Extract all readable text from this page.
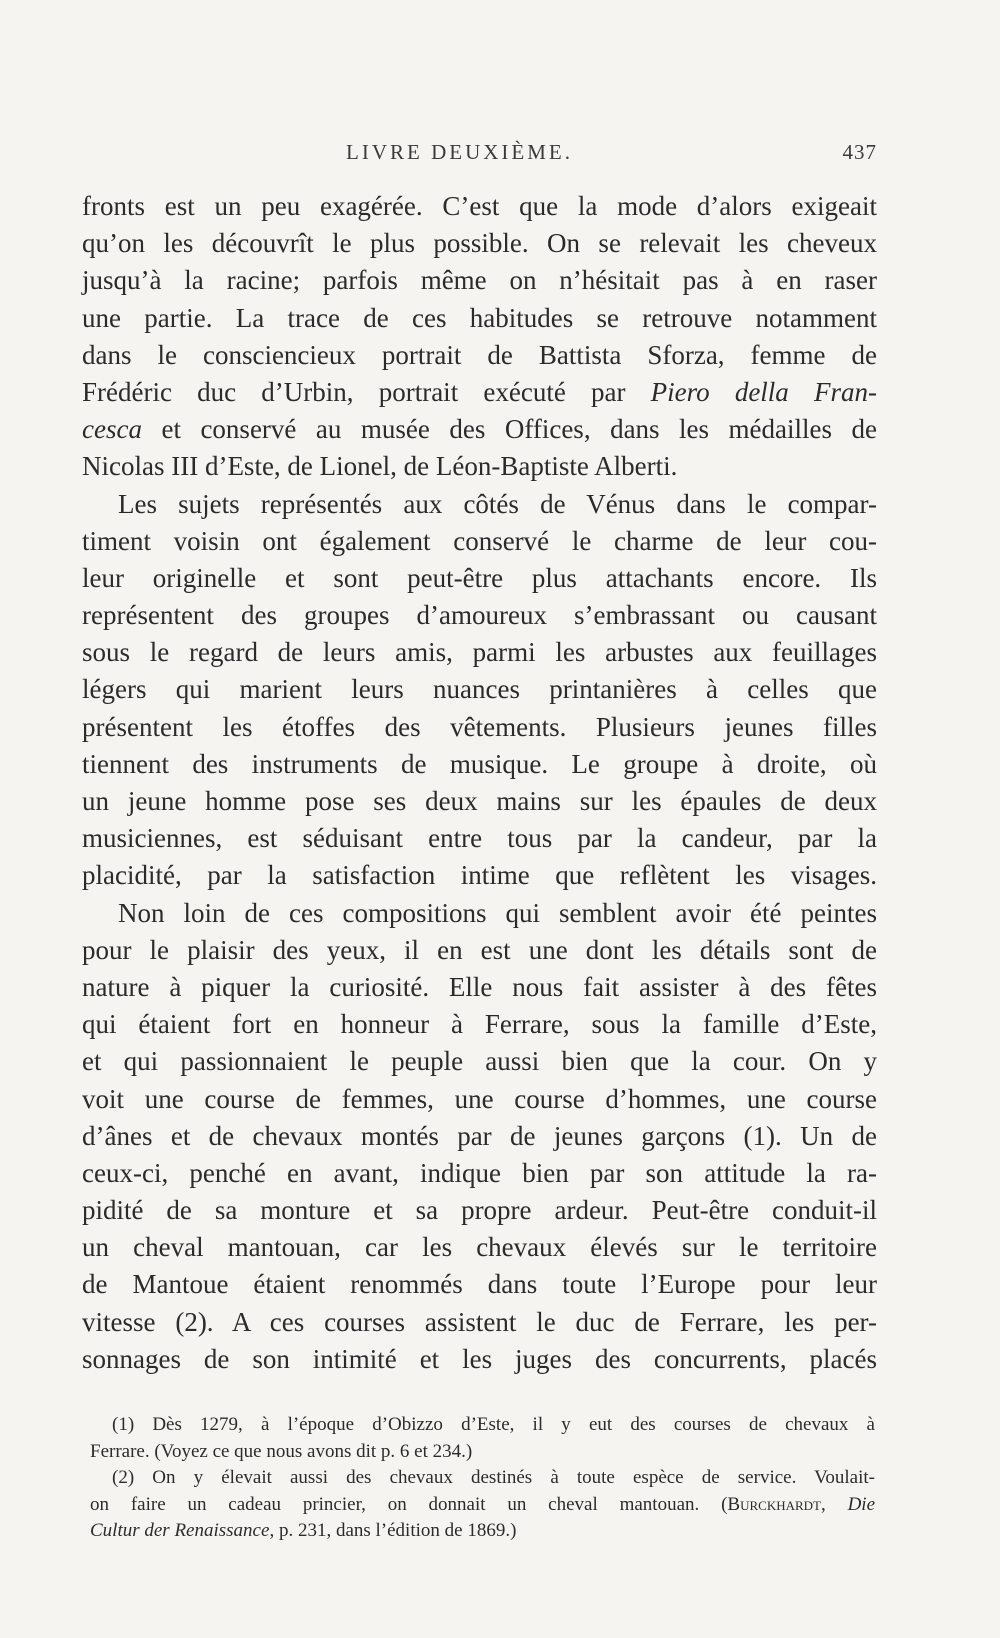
LIVRE DEUXIÈME.	437
fronts est un peu exagérée. C’est que la mode d’alors exigeait
qu’on les découvrît le plus possible. On se relevait les cheveux
jusqu’à la racine; parfois même on n’hésitait pas à en raser
une partie. La trace de ces habitudes se retrouve notamment
dans le consciencieux portrait de Battista Sforza, femme de
Frédéric duc d’Urbin, portrait exécuté par Piero della Fran-
cesca et conservé au musée des Offices, dans les médailles de
Nicolas III d’Este, de Lionel, de Léon-Baptiste Alberti.
Les sujets représentés aux côtés de Vénus dans le compar-
timent voisin ont également conservé le charme de leur cou-
leur originelle et sont peut-être plus attachants encore. Ils
représentent des groupes d’amoureux s’embrassant ou causant
sous le regard de leurs amis, parmi les arbustes aux feuillages
légers qui marient leurs nuances printanières à celles que
présentent les étoffes des vêtements. Plusieurs jeunes filles
tiennent des instruments de musique. Le groupe à droite, où
un jeune homme pose ses deux mains sur les épaules de deux
musiciennes, est séduisant entre tous par la candeur, par la
placidité, par la satisfaction intime que reflètent les visages.
Non loin de ces compositions qui semblent avoir été peintes
pour le plaisir des yeux, il en est une dont les détails sont de
nature à piquer la curiosité. Elle nous fait assister à des fêtes
qui étaient fort en honneur à Ferrare, sous la famille d’Este,
et qui passionnaient le peuple aussi bien que la cour. On y
voit une course de femmes, une course d’hommes, une course
d’ânes et de chevaux montés par de jeunes garçons (1). Un de
ceux-ci, penché en avant, indique bien par son attitude la ra-
pidité de sa monture et sa propre ardeur. Peut-être conduit-il
un cheval mantouan, car les chevaux élevés sur le territoire
de Mantoue étaient renommés dans toute l’Europe pour leur
vitesse (2). A ces courses assistent le duc de Ferrare, les per-
sonnages de son intimité et les juges des concurrents, placés
(1) Dès 1279, à l’époque d’Obizzo d’Este, il y eut des courses de chevaux à
Ferrare. (Voyez ce que nous avons dit p. 6 et 234.)
(2) On y élevait aussi des chevaux destinés à toute espèce de service. Voulait-
on faire un cadeau princier, on donnait un cheval mantouan. (Burckhardt, Die
Cultur der Renaissance, p. 231, dans l’édition de 1869.)
